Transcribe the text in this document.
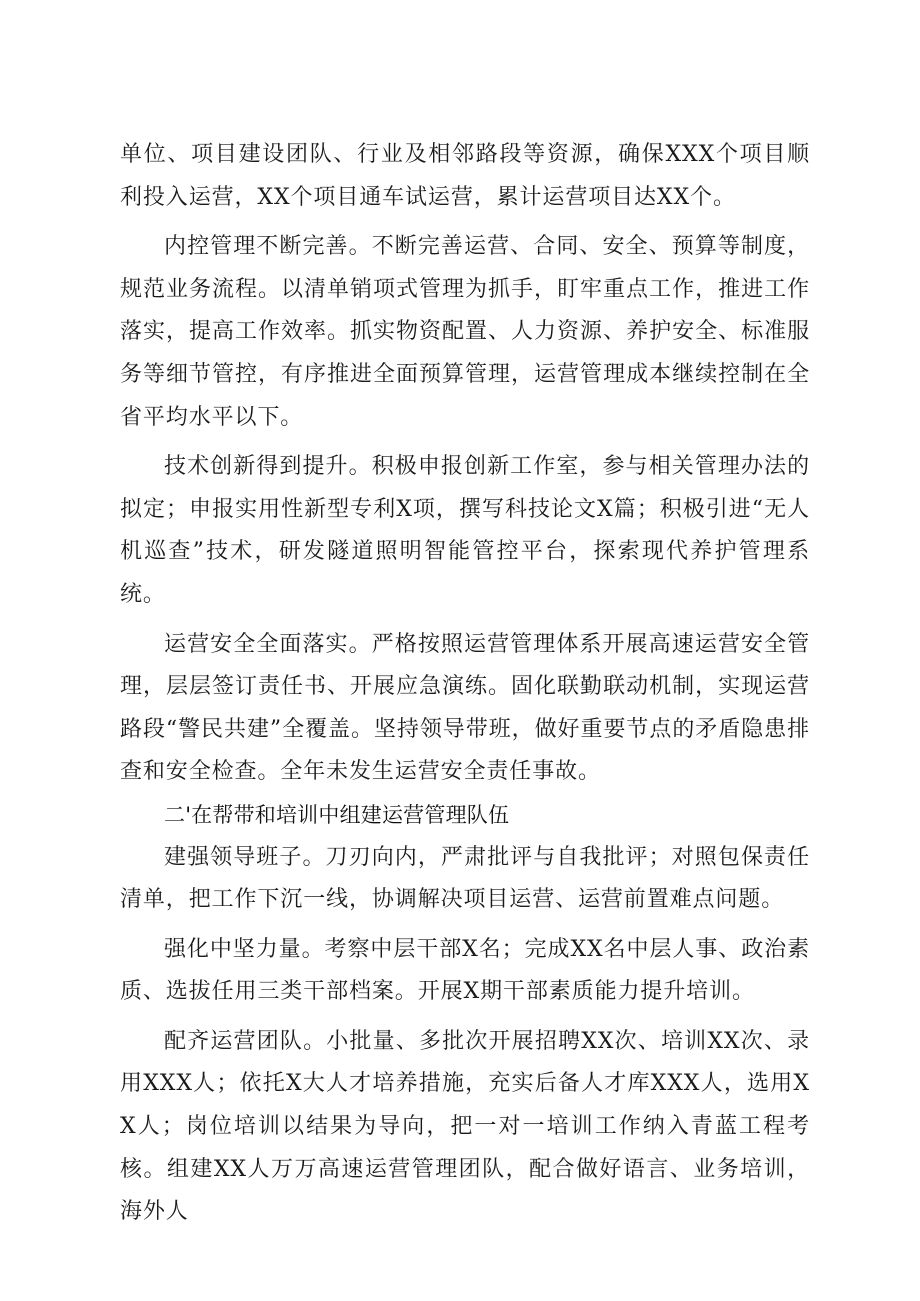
单位、项目建设团队、行业及相邻路段等资源，确保XXX个项目顺利投入运营，XX个项目通车试运营，累计运营项目达XX个。

内控管理不断完善。不断完善运营、合同、安全、预算等制度，规范业务流程。以清单销项式管理为抓手，盯牢重点工作，推进工作落实，提高工作效率。抓实物资配置、人力资源、养护安全、标准服务等细节管控，有序推进全面预算管理，运营管理成本继续控制在全省平均水平以下。

技术创新得到提升。积极申报创新工作室，参与相关管理办法的拟定；申报实用性新型专利X项，撰写科技论文X篇；积极引进“无人机巡查”技术，研发隧道照明智能管控平台，探索现代养护管理系统。

运营安全全面落实。严格按照运营管理体系开展高速运营安全管理，层层签订责任书、开展应急演练。固化联勤联动机制，实现运营路段“警民共建”全覆盖。坚持领导带班，做好重要节点的矛盾隐患排查和安全检查。全年未发生运营安全责任事故。

二'在帮带和培训中组建运营管理队伍

建强领导班子。刀刃向内，严肃批评与自我批评；对照包保责任清单，把工作下沉一线，协调解决项目运营、运营前置难点问题。

强化中坚力量。考察中层干部X名；完成XX名中层人事、政治素质、选拔任用三类干部档案。开展X期干部素质能力提升培训。

配齐运营团队。小批量、多批次开展招聘XX次、培训XX次、录用XXX人；依托X大人才培养措施，充实后备人才库XXX人，选用XX人；岗位培训以结果为导向，把一对一培训工作纳入青蓝工程考核。组建XX人万万高速运营管理团队，配合做好语言、业务培训，海外人
